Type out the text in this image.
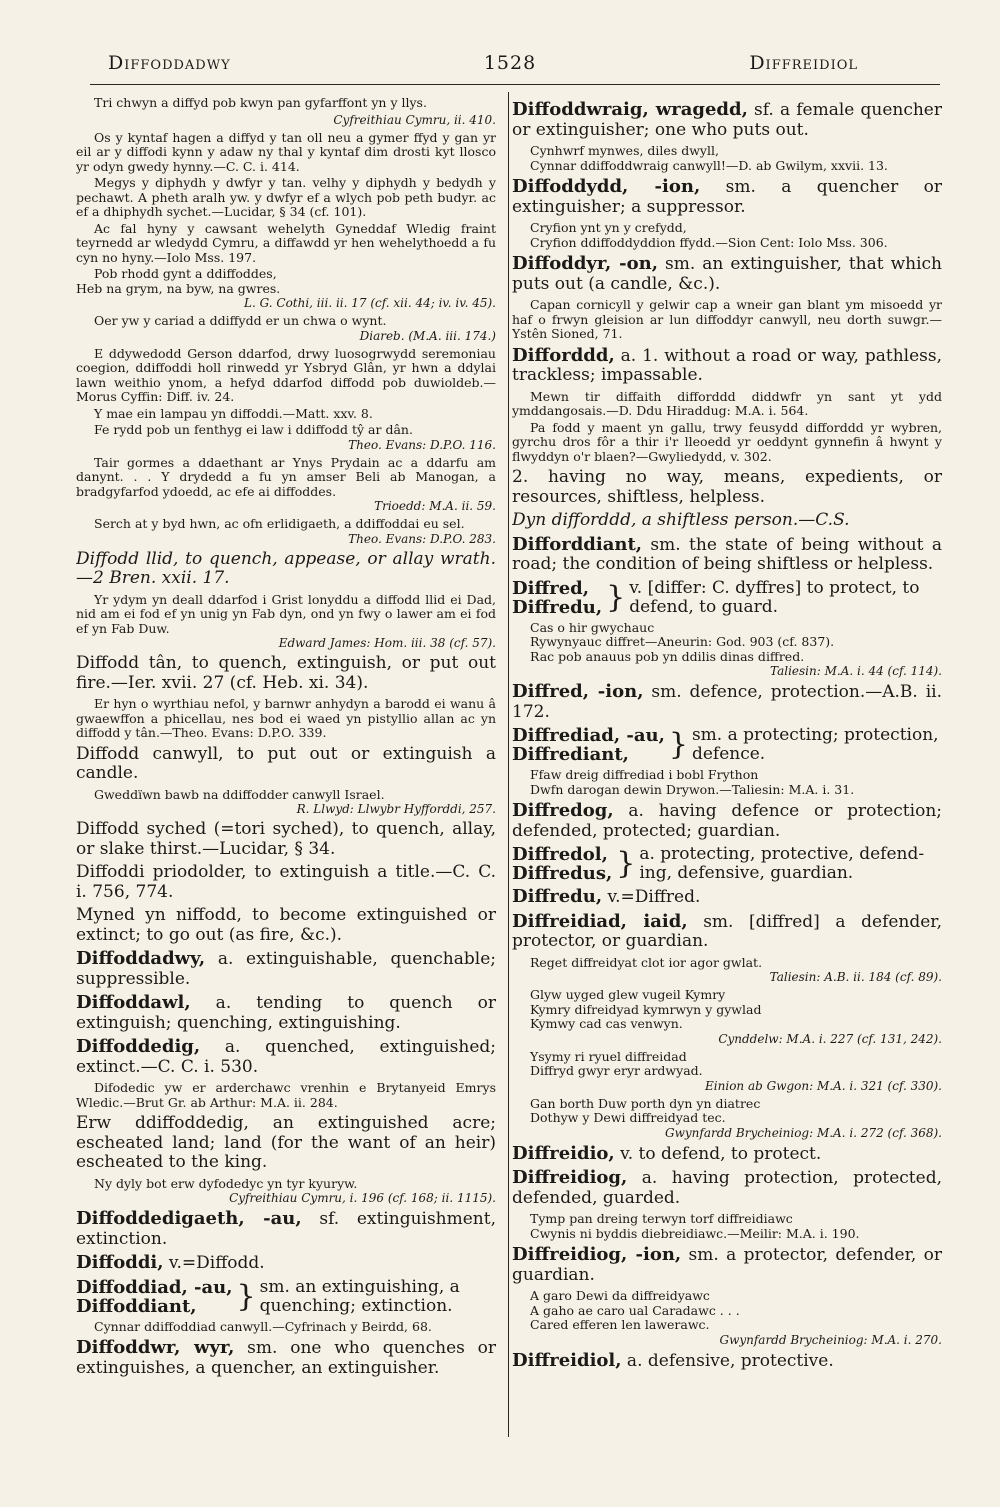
Diffoddadwy	1528	Diffreidiol

Tri chwyn a diffyd pob kwyn pan gyfarffont yn y llys.

Cyfreithiau Cymru, ii. 410.

Os y kyntaf hagen a diffyd y tan oll neu a gymer ffyd y gan yr eil ar y diffodi kynn y adaw ny thal y kyntaf dim drosti kyt llosco yr odyn gwedy hynny.—C. C. i. 414.

Megys y diphydh y dwfyr y tan. velhy y diphydh y bedydh y pechawt. A pheth aralh yw. y dwfyr ef a wlych pob peth budyr. ac ef a dhiphydh sychet.—Lucidar, § 34 (cf. 101).

Ac fal hyny y cawsant wehelyth Gyneddaf Wledig fraint teyrnedd ar wledydd Cymru, a diffawdd yr hen wehelythoedd a fu cyn no hyny.—Iolo Mss. 197.

Pob rhodd gynt a ddiffoddes,

Heb na grym, na byw, na gwres.

L. G. Cothi, iii. ii. 17 (cf. xii. 44; iv. iv. 45).

Oer yw y cariad a ddiffydd er un chwa o wynt.

Diareb. (M.A. iii. 174.)

E ddywedodd Gerson ddarfod, drwy luosogrwydd seremoniau coegion, ddiffoddi holl rinwedd yr Ysbryd Glân, yr hwn a ddylai lawn weithio ynom, a hefyd ddarfod diffodd pob duwioldeb.—Morus Cyffin: Diff. iv. 24.

Y mae ein lampau yn diffoddi.—Matt. xxv. 8.

Fe rydd pob un fenthyg ei law i ddiffodd tŷ ar dân.

Theo. Evans: D.P.O. 116.

Tair gormes a ddaethant ar Ynys Prydain ac a ddarfu am danynt. . . Y drydedd a fu yn amser Beli ab Manogan, a bradgyfarfod ydoedd, ac efe ai diffoddes.

Trioedd: M.A. ii. 59.

Serch at y byd hwn, ac ofn erlidigaeth, a ddiffoddai eu sel.

Theo. Evans: D.P.O. 283.

Diffodd llid, to quench, appease, or allay wrath.—2 Bren. xxii. 17.

Yr ydym yn deall ddarfod i Grist lonyddu a diffodd llid ei Dad, nid am ei fod ef yn unig yn Fab dyn, ond yn fwy o lawer am ei fod ef yn Fab Duw.

Edward James: Hom. iii. 38 (cf. 57).

Diffodd tân, to quench, extinguish, or put out fire.—Ier. xvii. 27 (cf. Heb. xi. 34).

Er hyn o wyrthiau nefol, y barnwr anhydyn a barodd ei wanu â gwaewffon a phicellau, nes bod ei waed yn pistyllio allan ac yn diffodd y tân.—Theo. Evans: D.P.O. 339.

Diffodd canwyll, to put out or extinguish a candle.

Gweddïwn bawb na ddiffodder canwyll Israel.

R. Llwyd: Llwybr Hyfforddi, 257.

Diffodd syched (=tori syched), to quench, allay, or slake thirst.—Lucidar, § 34.

Diffoddi priodolder, to extinguish a title.—C. C. i. 756, 774.

Myned yn niffodd, to become extinguished or extinct; to go out (as fire, &c.).

Diffoddadwy, a. extinguishable, quenchable; suppressible.

Diffoddawl, a. tending to quench or extinguish; quenching, extinguishing.

Diffoddedig, a. quenched, extinguished; extinct.—C. C. i. 530.

Difodedic yw er arderchawc vrenhin e Brytanyeid Emrys Wledic.—Brut Gr. ab Arthur: M.A. ii. 284.

Erw ddiffoddedig, an extinguished acre; escheated land; land (for the want of an heir) escheated to the king.

Ny dyly bot erw dyfodedyc yn tyr kyuryw.

Cyfreithiau Cymru, i. 196 (cf. 168; ii. 1115).

Diffoddedigaeth, -au, sf. extinguishment, extinction.

Diffoddi, v.=Diffodd.

Diffoddiad, -au,
Diffoddiant,	} sm. an extinguishing, a
quenching; extinction.

Cynnar ddiffoddiad canwyll.—Cyfrinach y Beirdd, 68.

Diffoddwr, wyr, sm. one who quenches or extinguishes, a quencher, an extinguisher.

Diffoddwraig, wragedd, sf. a female quencher or extinguisher; one who puts out.

Cynhwrf mynwes, diles dwyll,

Cynnar ddiffoddwraig canwyll!—D. ab Gwilym, xxvii. 13.

Diffoddydd, -ion, sm. a quencher or extinguisher; a suppressor.

Cryfion ynt yn y crefydd,

Cryfion ddiffoddyddion ffydd.—Sion Cent: Iolo Mss. 306.

Diffoddyr, -on, sm. an extinguisher, that which puts out (a candle, &c.).

Capan cornicyll y gelwir cap a wneir gan blant ym misoedd yr haf o frwyn gleision ar lun diffoddyr canwyll, neu dorth suwgr.—Ystên Sioned, 71.

Difforddd, a. 1. without a road or way, pathless, trackless; impassable.

Mewn tir diffaith difforddd diddwfr yn sant yt ydd ymddangosais.—D. Ddu Hiraddug: M.A. i. 564.

Pa fodd y maent yn gallu, trwy feusydd difforddd yr wybren, gyrchu dros fôr a thir i'r lleoedd yr oeddynt gynnefin â hwynt y flwyddyn o'r blaen?—Gwyliedydd, v. 302.

2. having no way, means, expedients, or resources, shiftless, helpless.

Dyn difforddd, a shiftless person.—C.S.

Difforddiant, sm. the state of being without a road; the condition of being shiftless or helpless.

Diffred,
Diffredu, } v. [differ: C. dyffres] to protect, to
defend, to guard.

Cas o hir gwychauc

Rywynyauc diffret—Aneurin: God. 903 (cf. 837).

Rac pob anauus pob yn ddilis dinas diffred.

Taliesin: M.A. i. 44 (cf. 114).

Diffred, -ion, sm. defence, protection.—A.B. ii. 172.

Diffrediad, -au,
Diffrediant,	} sm. a protecting; protection,
defence.

Ffaw dreig diffrediad i bobl Frython

Dwfn darogan dewin Drywon.—Taliesin: M.A. i. 31.

Diffredog, a. having defence or protection; defended, protected; guardian.

Diffredol,
Diffredus, } a. protecting, protective, defend-
ing, defensive, guardian.

Diffredu, v.=Diffred.

Diffreidiad, iaid, sm. [diffred] a defender, protector, or guardian.

Reget diffreidyat clot ior agor gwlat.

Taliesin: A.B. ii. 184 (cf. 89).

Glyw uyged glew vugeil Kymry

Kymry difreidyad kymrwyn y gywlad

Kymwy cad cas venwyn.

Cynddelw: M.A. i. 227 (cf. 131, 242).

Ysymy ri ryuel diffreidad

Diffryd gwyr eryr ardwyad.

Einion ab Gwgon: M.A. i. 321 (cf. 330).

Gan borth Duw porth dyn yn diatrec

Dothyw y Dewi diffreidyad tec.

Gwynfardd Brycheiniog: M.A. i. 272 (cf. 368).

Diffreidio, v. to defend, to protect.

Diffreidiog, a. having protection, protected, defended, guarded.

Tymp pan dreing terwyn torf diffreidiawc

Cwynis ni byddis diebreidiawc.—Meilir: M.A. i. 190.

Diffreidiog, -ion, sm. a protector, defender, or guardian.

A garo Dewi da diffreidyawc

A gaho ae caro ual Caradawc . . .

Cared efferen len lawerawc.

Gwynfardd Brycheiniog: M.A. i. 270.

Diffreidiol, a. defensive, protective.
